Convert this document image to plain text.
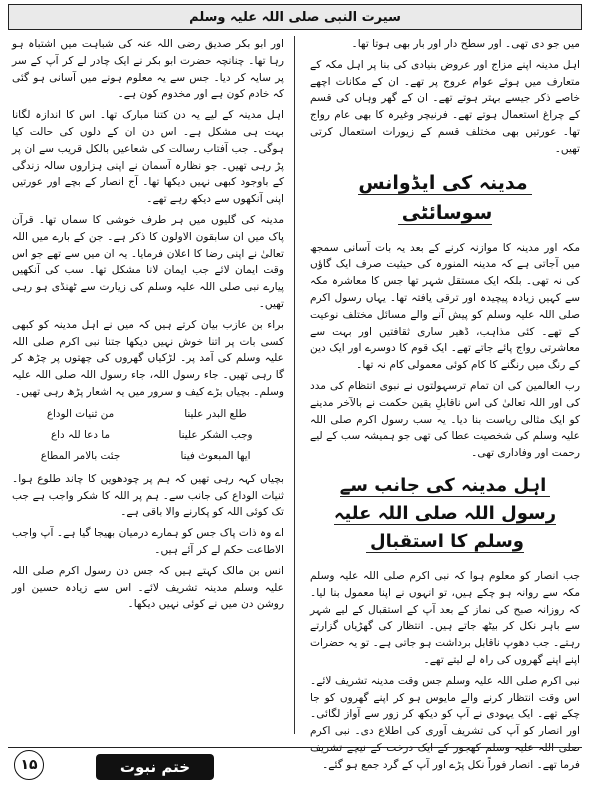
سیرت النبی صلی اللہ علیہ وسلم

میں جو دی تھی۔ اور سطح دار اور بار بھی ہوتا تھا۔

اہل مدینہ اپنے مزاج اور عروض بنیادی کی بنا پر اہل مکہ کے متعارف میں ہوئے عوام عروج پر تھے۔ ان کے مکانات اچھے خاصے ذکر جیسے بہتر ہوتے تھے۔ ان کے گھر وہاں کی قسم کے چراغ استعمال ہوتے تھے۔ فرنیچر وغیرہ کا بھی عام رواج تھا۔ عورتیں بھی مختلف قسم کے زیورات استعمال کرتی تھیں۔

مدینہ کی ایڈوانس سوسائٹی

مکہ اور مدینہ کا موازنہ کرنے کے بعد یہ بات آسانی سمجھ میں آجاتی ہے کہ مدینہ المنورہ کی حیثیت صرف ایک گاؤں کی نہ تھی۔ بلکہ ایک مستقل شہر تھا جس کا معاشرہ مکہ سے کہیں زیادہ پیچیدہ اور ترقی یافتہ تھا۔ یہاں رسول اکرم صلی اللہ علیہ وسلم کو پیش آنے والے مسائل مختلف نوعیت کے تھے۔ کئی مذاہب، ڈھیر ساری ثقافتیں اور بہت سے معاشرتی رواج پائے جاتے تھے۔ ایک قوم کا دوسرے اور ایک دین کے رنگ میں رنگنے کا کام کوئی معمولی کام نہ تھا۔

رب العالمین کی ان تمام ترسہولتوں نے نبوی انتظام کی مدد کی اور اللہ تعالیٰ کی اس ناقابلِ یقین حکمت نے بالآخر مدینے کو ایک مثالی ریاست بنا دیا۔ یہ سب رسول اکرم صلی اللہ علیہ وسلم کی شخصیت عطا کی تھی جو ہمیشہ سب کے لیے رحمت اور وفاداری تھی۔

اہل مدینہ کی جانب سے رسول اللہ صلی اللہ علیہ وسلم کا استقبال

جب انصار کو معلوم ہوا کہ نبی اکرم صلی اللہ علیہ وسلم مکہ سے روانہ ہو چکے ہیں، تو انہوں نے اپنا معمول بنا لیا۔ کہ روزانہ صبح کی نماز کے بعد آپ کے استقبال کے لیے شہر سے باہر نکل کر بیٹھ جاتے ہیں۔ انتظار کی گھڑیاں گزارتے رہتے۔ جب دھوپ ناقابل برداشت ہو جاتی ہے۔ تو یہ حضرات اپنے اپنے گھروں کی راہ لے لیتے تھے۔

نبی اکرم صلی اللہ علیہ وسلم جس وقت مدینہ تشریف لائے۔ اس وقت انتظار کرنے والے مایوس ہو کر اپنے گھروں کو جا چکے تھے۔ ایک یہودی نے آپ کو دیکھ کر زور سے آواز لگائی۔ اور انصار کو آپ کی تشریف آوری کی اطلاع دی۔ نبی اکرم صلی اللہ علیہ وسلم کھجور کے ایک درخت کے نیچے تشریف فرما تھے۔ انصار فوراً نکل پڑے اور آپ کے گرد جمع ہو گئے۔

اور ابو بکر صدیق رضی اللہ عنہ کی شباہت میں اشتباہ ہو رہا تھا۔ چنانچہ حضرت ابو بکر نے ایک چادر لے کر آپ کے سر پر سایہ کر دیا۔ جس سے یہ معلوم ہونے میں آسانی ہو گئی کہ خادم کون ہے اور مخدوم کون ہے۔

اہل مدینہ کے لیے یہ دن کتنا مبارک تھا۔ اس کا اندازہ لگانا بہت ہی مشکل ہے۔ اس دن ان کے دلوں کی حالت کیا ہوگی۔ جب آفتاب رسالت کی شعاعیں بالکل قریب سے ان پر پڑ رہی تھیں۔ جو نظارہ آسمان نے اپنی ہزاروں سالہ زندگی کے باوجود کبھی نہیں دیکھا تھا۔ آج انصار کے بچے اور عورتیں اپنی آنکھوں سے دیکھ رہے تھے۔

مدینہ کی گلیوں میں ہر طرف خوشی کا سماں تھا۔ قرآن پاک میں ان سابقون الاولون کا ذکر ہے۔ جن کے بارے میں اللہ تعالیٰ نے اپنی رضا کا اعلان فرمایا۔ یہ ان میں سے تھے جو اس وقت ایمان لائے جب ایمان لانا مشکل تھا۔ سب کی آنکھیں پیارے نبی صلی اللہ علیہ وسلم کی زیارت سے ٹھنڈی ہو رہی تھیں۔

براء بن عازب بیان کرتے ہیں کہ میں نے اہل مدینہ کو کبھی کسی بات پر اتنا خوش نہیں دیکھا جتنا نبی اکرم صلی اللہ علیہ وسلم کی آمد پر۔ لڑکیاں گھروں کی چھتوں پر چڑھ کر گا رہی تھیں۔ جاء رسول اللہ، جاء رسول اللہ صلی اللہ علیہ وسلم۔ بچیاں بڑے کیف و سرور میں یہ اشعار پڑھ رہی تھیں۔

طلع البدر علینا
من ثنیات الوداع
وجب الشکر علینا
ما دعا للہ داع
ایھا المبعوث فینا
جئت بالامر المطاع

بچیاں کہہ رہی تھیں کہ ہم پر چودھویں کا چاند طلوع ہوا۔ ثنیات الوداع کی جانب سے۔ ہم پر اللہ کا شکر واجب ہے جب تک کوئی اللہ کو پکارنے والا باقی ہے۔

اے وہ ذات پاک جس کو ہمارے درمیان بھیجا گیا ہے۔ آپ واجب الاطاعت حکم لے کر آئے ہیں۔

انس بن مالک کہتے ہیں کہ جس دن رسول اکرم صلی اللہ علیہ وسلم مدینہ تشریف لائے۔ اس سے زیادہ حسین اور روشن دن میں نے کوئی نہیں دیکھا۔

۱۵	ختم نبوت
